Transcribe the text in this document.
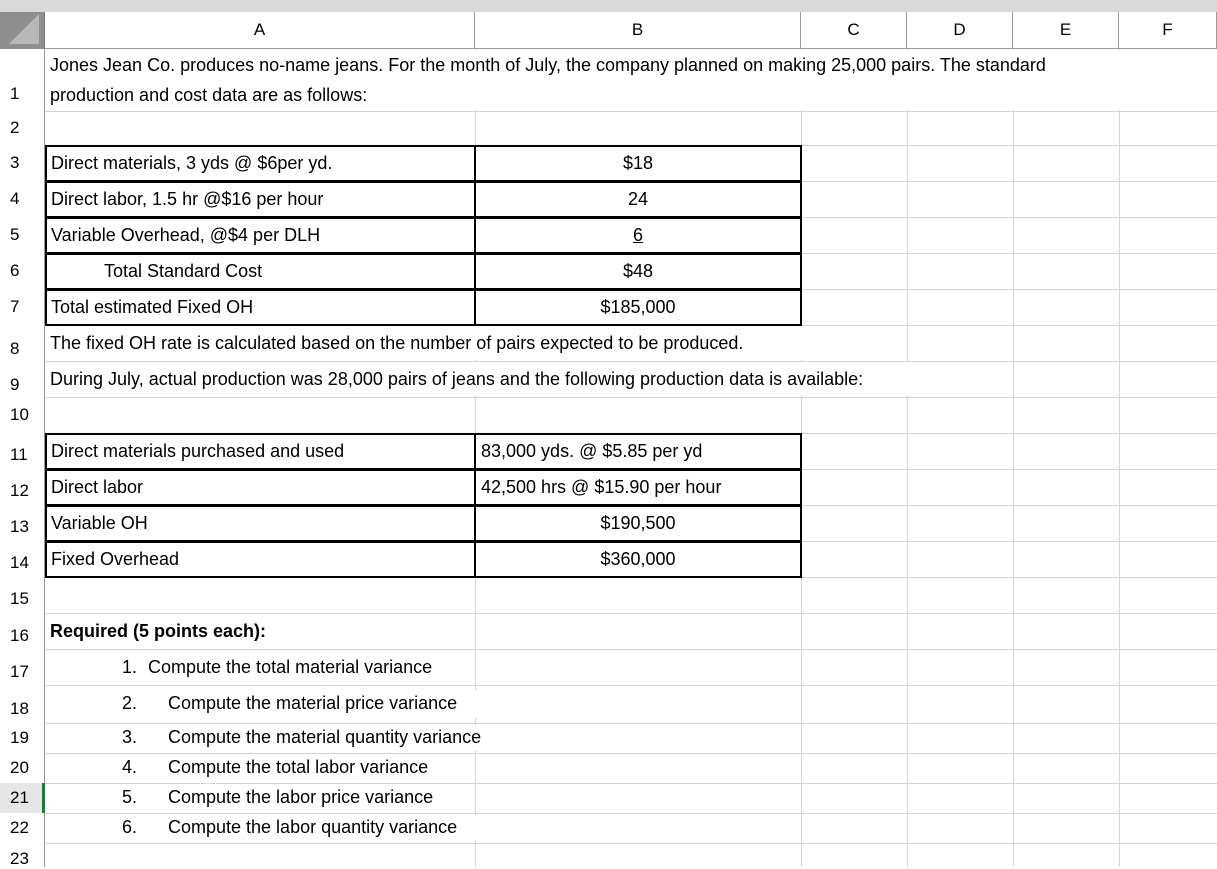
A	B	C	D	E	F
1
2
3
4
5
6
7
8
9
10
11
12
13
14
15
16
17
18
19
20
21
22
23
Jones Jean Co. produces no-name jeans. For the month of July, the company planned on making 25,000 pairs. The standard
production and cost data are as follows:
Direct materials, 3 yds @ $6per yd.	$18
Direct labor, 1.5 hr @$16 per hour	24
Variable Overhead, @$4 per DLH	6
Total Standard Cost	$48
Total estimated Fixed OH	$185,000
The fixed OH rate is calculated based on the number of pairs expected to be produced.
During July, actual production was 28,000 pairs of jeans and the following production data is available:
Direct materials purchased and used	83,000 yds. @ $5.85 per yd
Direct labor	42,500 hrs @ $15.90 per hour
Variable OH	$190,500
Fixed Overhead	$360,000
Required (5 points each):
1. Compute the total material variance
2. Compute the material price variance
3. Compute the material quantity variance
4. Compute the total labor variance
5. Compute the labor price variance
6. Compute the labor quantity variance
